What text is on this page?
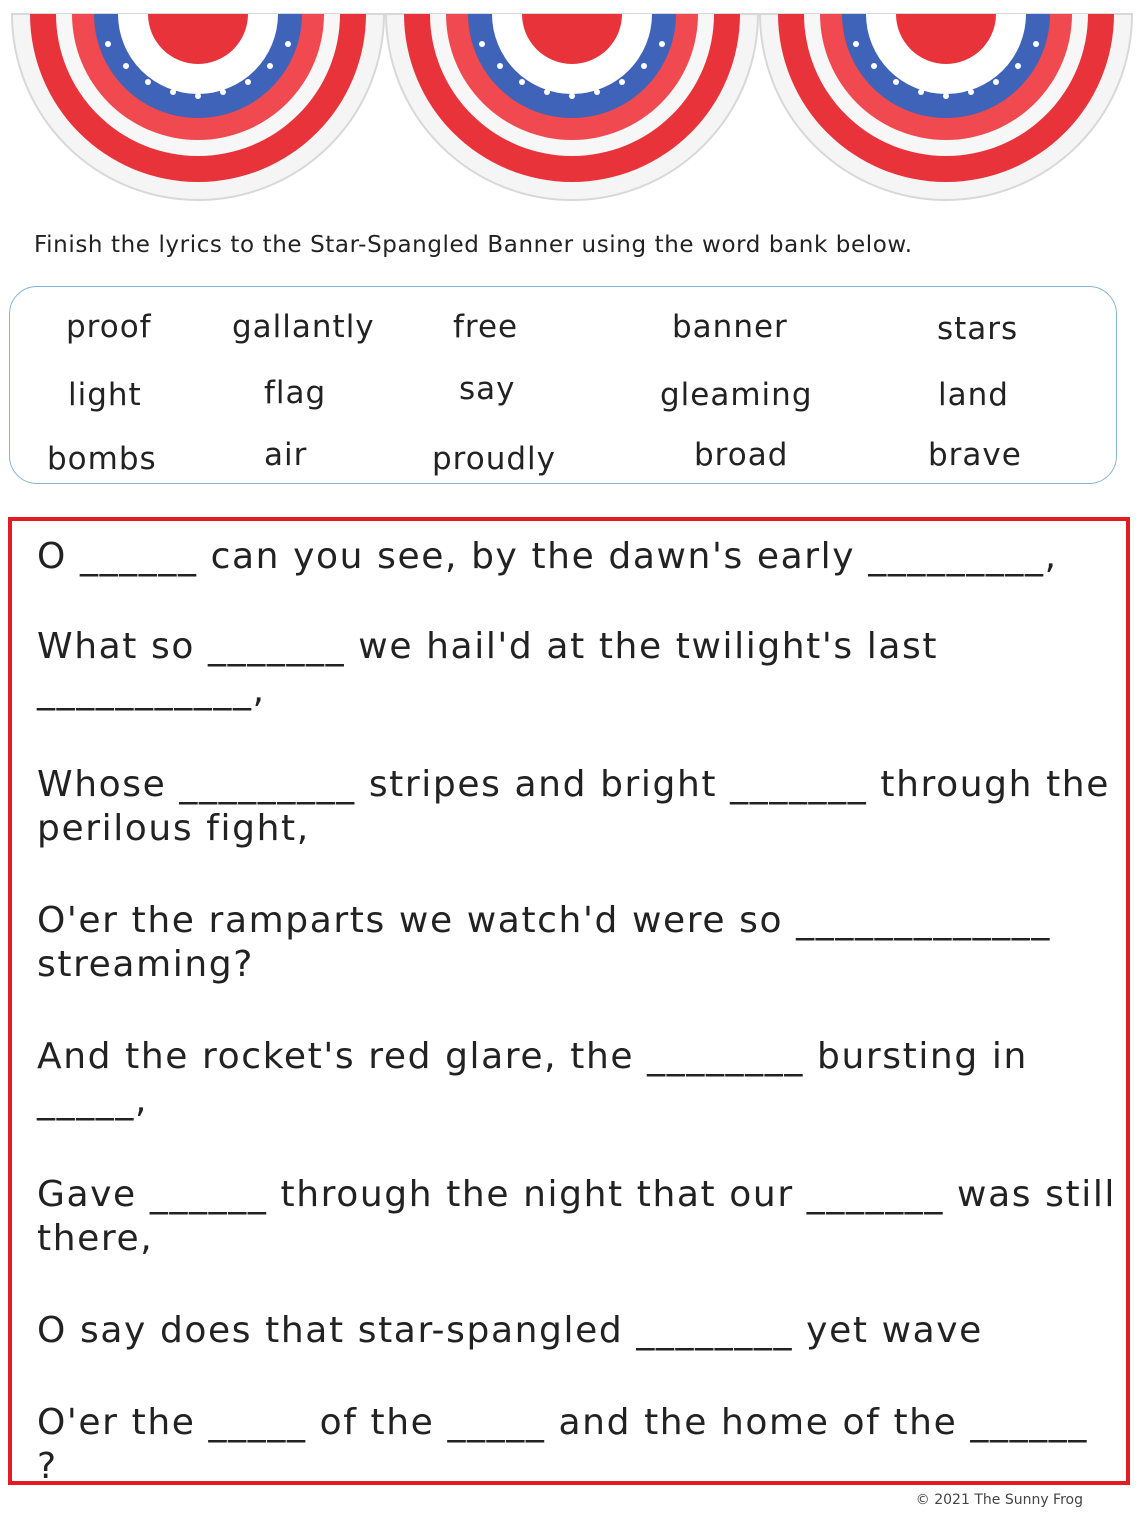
Finish the lyrics to the Star-Spangled Banner using the word bank below.
proof	gallantly	free	banner	stars
light	flag	say	gleaming	land
bombs	air	proudly	broad	brave

O ______ can you see, by the dawn's early _________,

What so _______ we hail'd at the twilight's last ___________,

Whose _________ stripes and bright _______ through the perilous fight,

O'er the ramparts we watch'd were so _____________ streaming?

And the rocket's red glare, the ________ bursting in _____,

Gave ______ through the night that our _______ was still there,

O say does that star-spangled ________ yet wave

O'er the _____ of the _____ and the home of the ______ ?

© 2021 The Sunny Frog
